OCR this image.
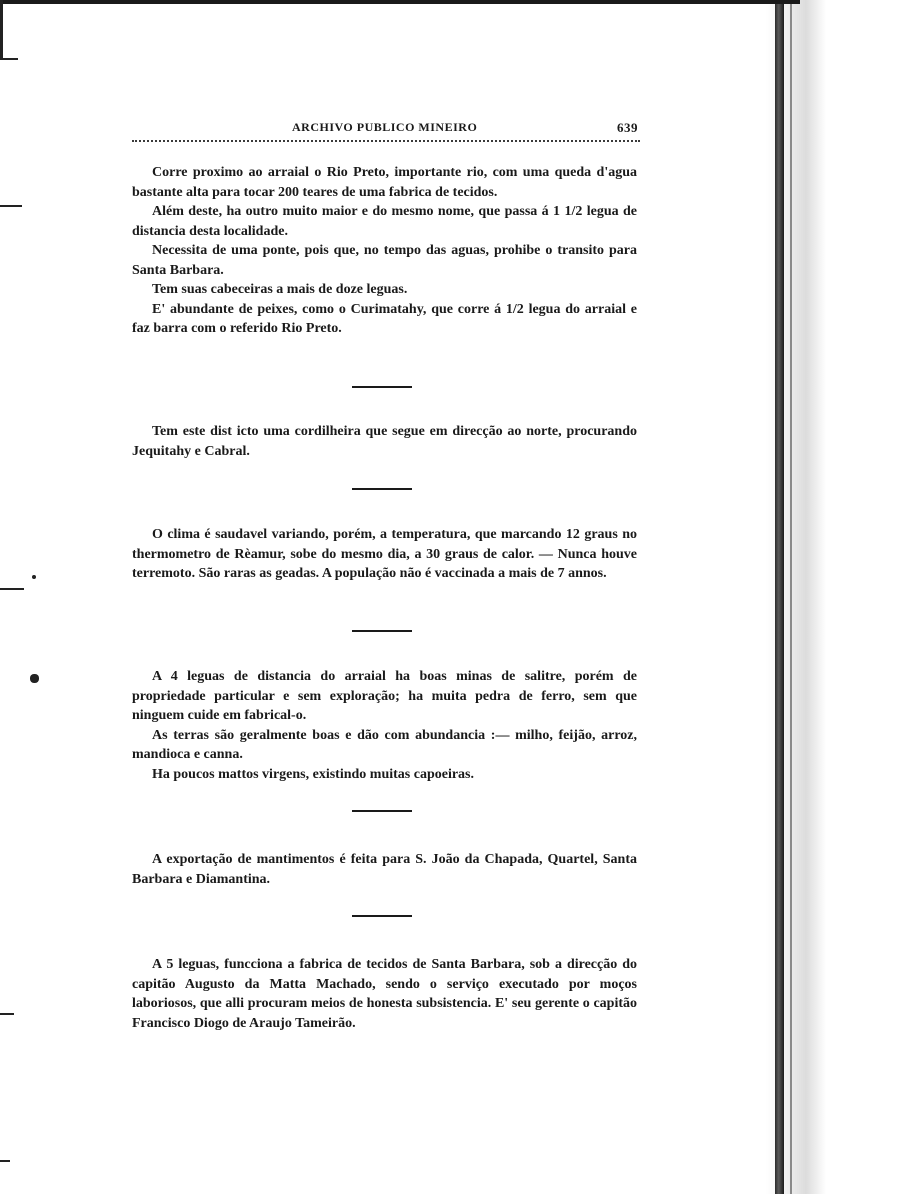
ARCHIVO PUBLICO MINEIRO	639

Corre proximo ao arraial o Rio Preto, importante rio, com uma queda d'agua bastante alta para tocar 200 teares de uma fabrica de tecidos.

Além deste, ha outro muito maior e do mesmo nome, que passa á 1 1/2 legua de distancia desta localidade.

Necessita de uma ponte, pois que, no tempo das aguas, prohibe o transito para Santa Barbara.

Tem suas cabeceiras a mais de doze leguas.

E' abundante de peixes, como o Curimatahy, que corre á 1/2 legua do arraial e faz barra com o referido Rio Preto.

Tem este dist icto uma cordilheira que segue em direcção ao norte, procurando Jequitahy e Cabral.

O clima é saudavel variando, porém, a temperatura, que marcando 12 graus no thermometro de Rèamur, sobe do mesmo dia, a 30 graus de calor. — Nunca houve terremoto. São raras as geadas. A população não é vaccinada a mais de 7 annos.

A 4 leguas de distancia do arraial ha boas minas de salitre, porém de propriedade particular e sem exploração; ha muita pedra de ferro, sem que ninguem cuide em fabrical-o.

As terras são geralmente boas e dão com abundancia :— milho, feijão, arroz, mandioca e canna.

Ha poucos mattos virgens, existindo muitas capoeiras.

A exportação de mantimentos é feita para S. João da Chapada, Quartel, Santa Barbara e Diamantina.

A 5 leguas, funcciona a fabrica de tecidos de Santa Barbara, sob a direcção do capitão Augusto da Matta Machado, sendo o serviço executado por moços laboriosos, que alli procuram meios de honesta subsistencia. E' seu gerente o capitão Francisco Diogo de Araujo Tameirão.
